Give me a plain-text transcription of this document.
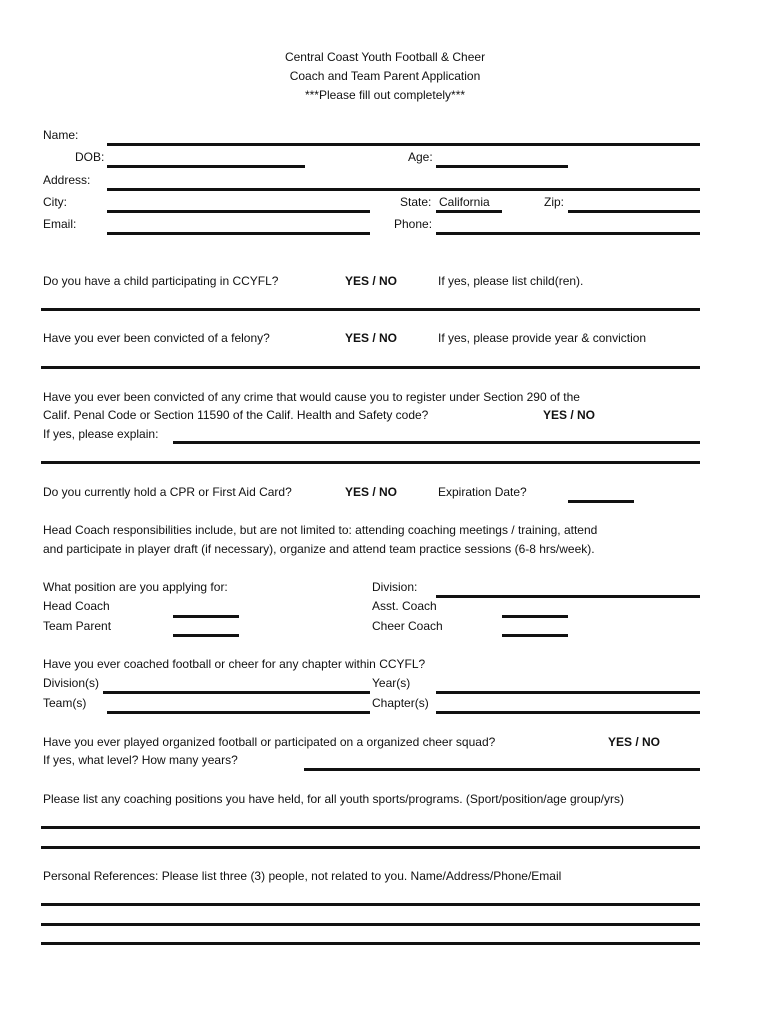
Central Coast Youth Football & Cheer
Coach and Team Parent Application
***Please fill out completely***
Name:
DOB:	Age:
Address:
City:	State: California	Zip:
Email:	Phone:
Do you have a child participating in CCYFL?	YES / NO	If yes, please list child(ren).
Have you ever been convicted of a felony?	YES / NO	If yes, please provide year & conviction
Have you ever been convicted of any crime that would cause you to register under Section 290 of the
Calif. Penal Code or Section 11590 of the Calif. Health and Safety code?	YES / NO
If yes, please explain:
Do you currently hold a CPR or First Aid Card?	YES / NO	Expiration Date?
Head Coach responsibilities include, but are not limited to: attending coaching meetings / training, attend
and participate in player draft (if necessary), organize and attend team practice sessions (6-8 hrs/week).
What position are you applying for:	Division:
Head Coach	Asst. Coach
Team Parent	Cheer Coach
Have you ever coached football or cheer for any chapter within CCYFL?
Division(s)	Year(s)
Team(s)	Chapter(s)
Have you ever played organized football or participated on a organized cheer squad?	YES / NO
If yes, what level? How many years?
Please list any coaching positions you have held, for all youth sports/programs. (Sport/position/age group/yrs)
Personal References: Please list three (3) people, not related to you. Name/Address/Phone/Email
